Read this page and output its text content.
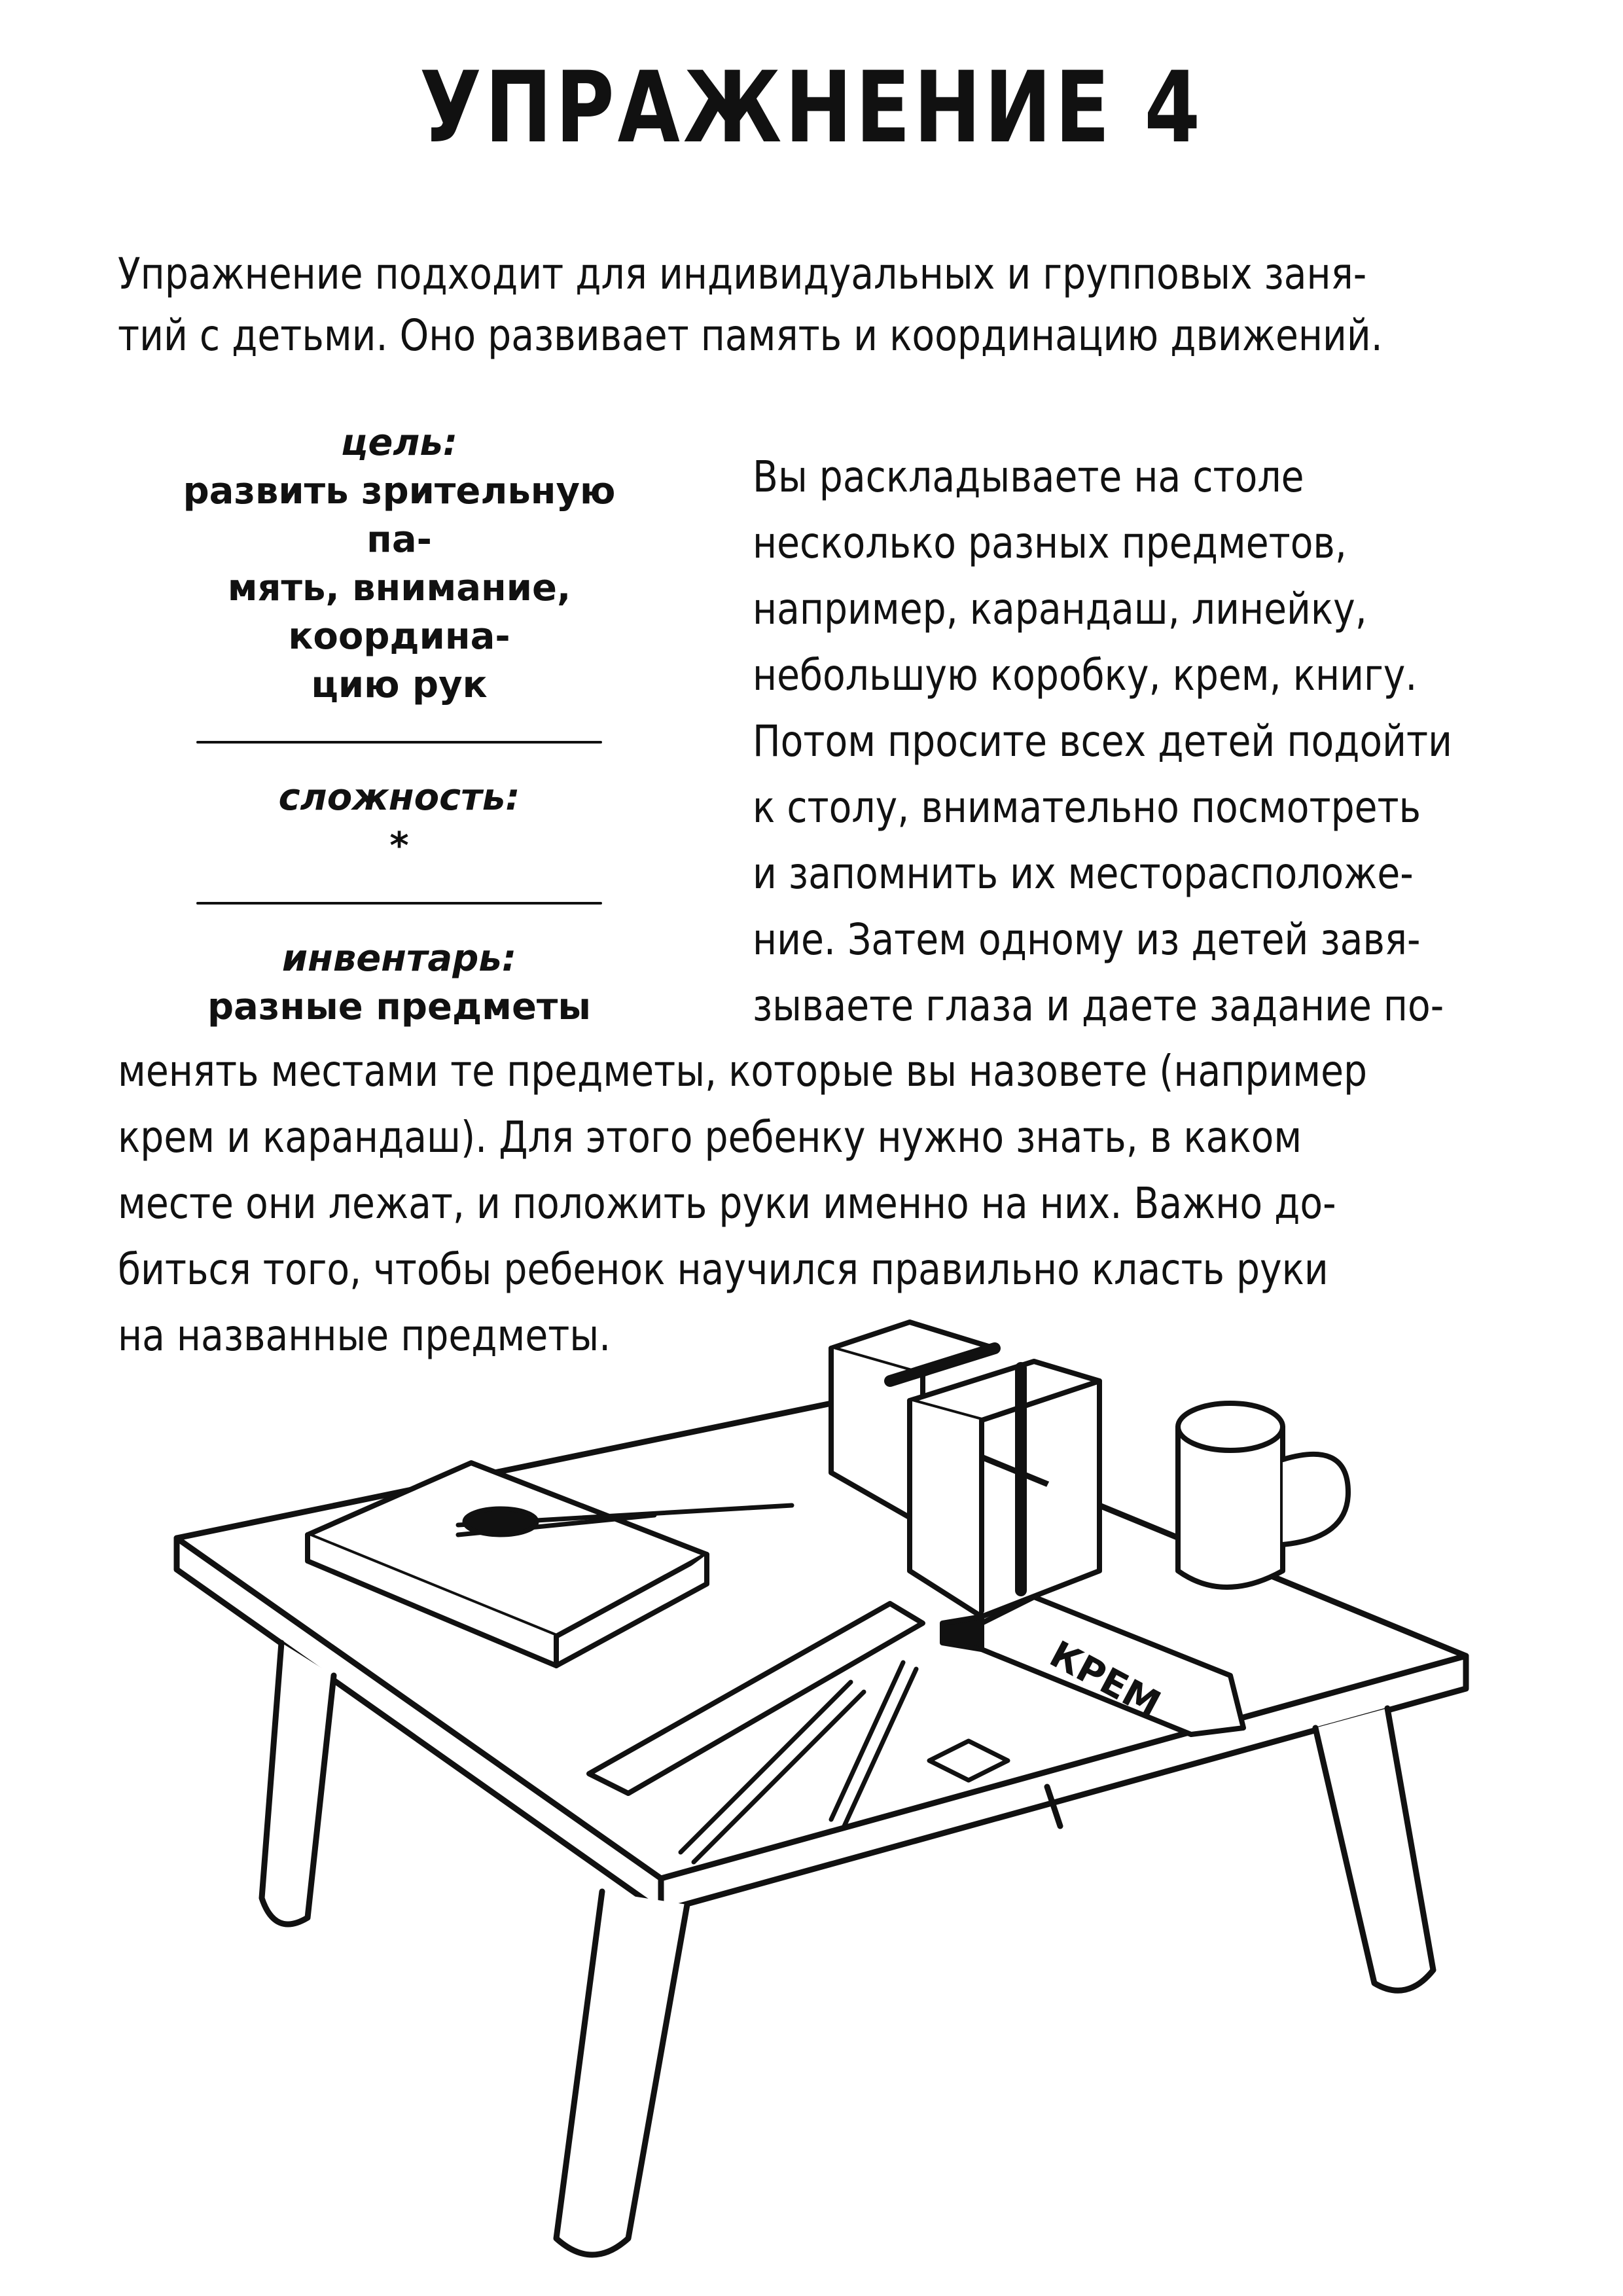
УПРАЖНЕНИЕ 4
Упражнение подходит для индивидуальных и групповых заня-
тий с детьми. Оно развивает память и координацию движений.
цель:
развить зрительную па-
мять, внимание, координа-
цию рук
сложность:
*
инвентарь:
разные предметы
Вы раскладываете на столе
несколько разных предметов,
например, карандаш, линейку,
небольшую коробку, крем, книгу.
Потом просите всех детей подойти
к столу, внимательно посмотреть
и запомнить их месторасположе-
ние. Затем одному из детей завя-
зываете глаза и даете задание по-
менять местами те предметы, которые вы назовете (например
крем и карандаш). Для этого ребенку нужно знать, в каком
месте они лежат, и положить руки именно на них. Важно до-
биться того, чтобы ребенок научился правильно класть руки
на названные предметы.
КРЕМ
